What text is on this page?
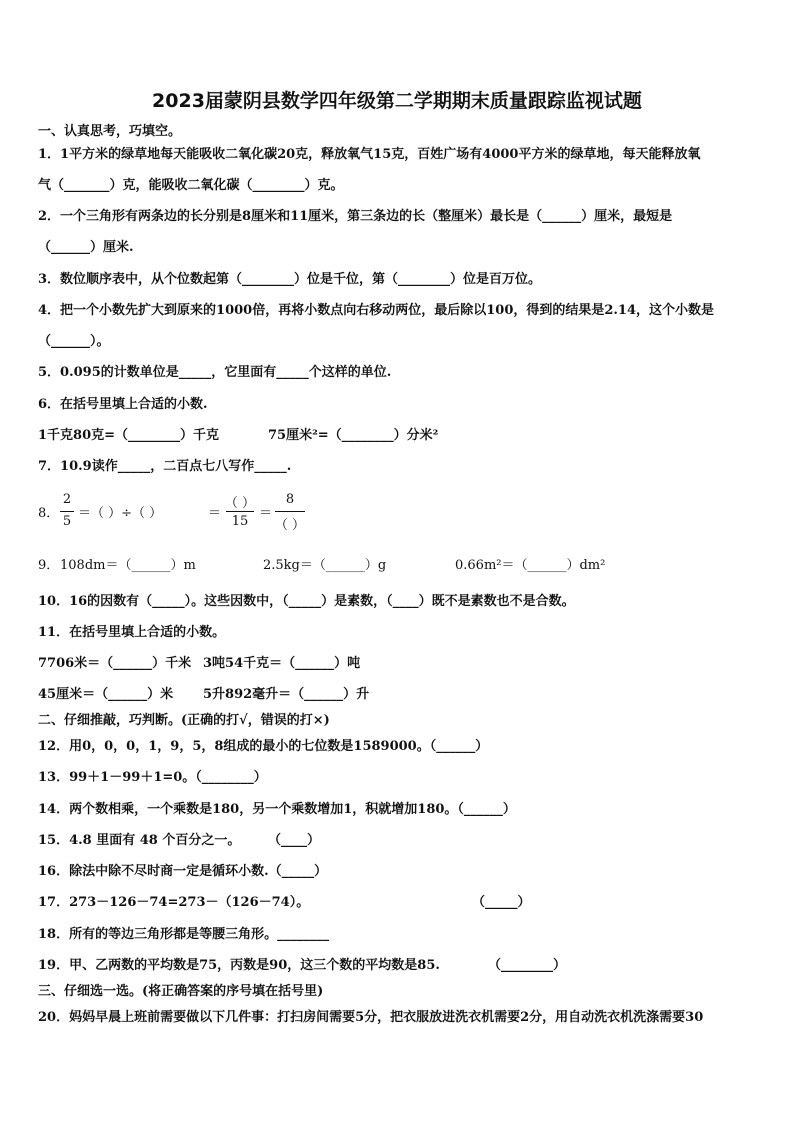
2023届蒙阴县数学四年级第二学期期末质量跟踪监视试题
一、认真思考，巧填空。
1．1平方米的绿草地每天能吸收二氧化碳20克，释放氧气15克，百姓广场有4000平方米的绿草地，每天能释放氧
气（_______）克，能吸收二氧化碳（________）克。
2．一个三角形有两条边的长分别是8厘米和11厘米，第三条边的长（整厘米）最长是（______）厘米，最短是
（______）厘米.
3．数位顺序表中，从个位数起第（________）位是千位，第（________）位是百万位。
4．把一个小数先扩大到原来的1000倍，再将小数点向右移动两位，最后除以100，得到的结果是2.14，这个小数是
（______）。
5．0.095的计数单位是_____，它里面有_____个这样的单位.
6．在括号里填上合适的小数.
1千克80克=（________）千克	75厘米²=（________）分米²
7．10.9读作_____，二百点七八写作_____.
8．
2
5
＝（ ）÷（ ）	＝
（ ）
15
＝
8
（ ）
9． 108dm＝（______）m	2.5kg＝（______）g	0.66m²＝（______）dm²
10．16的因数有（_____）。这些因数中，（_____）是素数，（____）既不是素数也不是合数。
11．在括号里填上合适的小数。
7706米＝（______）千米 3吨54千克＝（______）吨
45厘米＝（______）米 5升892毫升＝（______）升
二、仔细推敲，巧判断。(正确的打√，错误的打×)
12．用0，0，0，1，9，5，8组成的最小的七位数是1589000。（______）
13．99＋1－99＋1=0。（________）
14．两个数相乘，一个乘数是180，另一个乘数增加1，积就增加180。（______）
15．4.8 里面有 48 个百分之一。 （____）
16．除法中除不尽时商一定是循环小数.（_____）
17．273－126－74=273－（126－74）。	（_____）
18．所有的等边三角形都是等腰三角形。________
19．甲、乙两数的平均数是75，丙数是90，这三个数的平均数是85.	（________）
三、仔细选一选。(将正确答案的序号填在括号里)
20．妈妈早晨上班前需要做以下几件事：打扫房间需要5分，把衣服放进洗衣机需要2分，用自动洗衣机洗涤需要30
